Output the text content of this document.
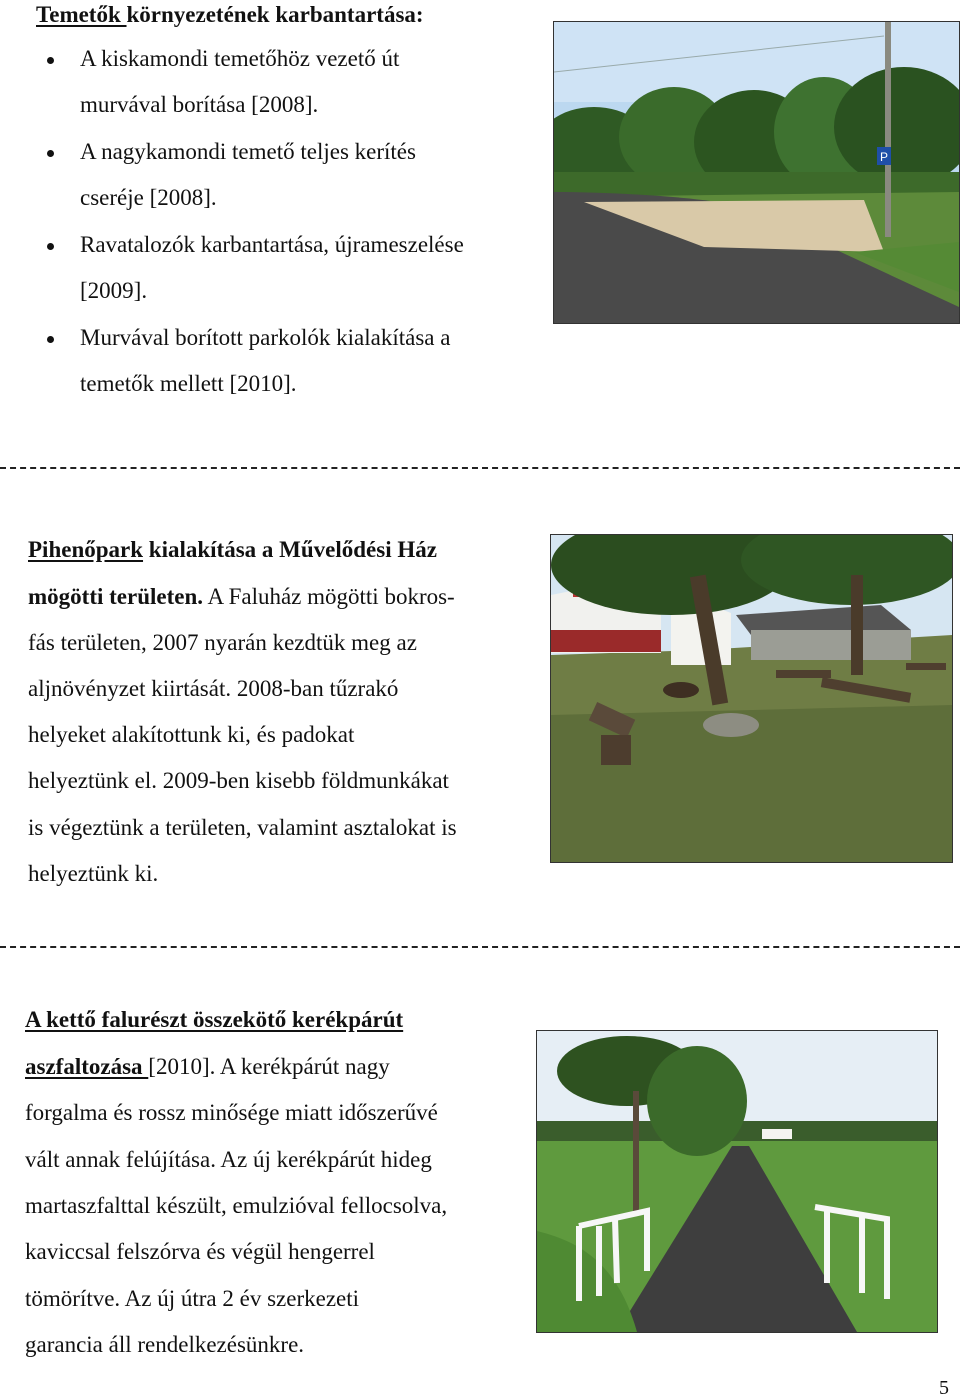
Temetők környezetének karbantartása:
A kiskamondi temetőhöz vezető út
murvával borítása [2008].
A nagykamondi temető teljes kerítés
cseréje [2008].
Ravatalozók karbantartása, újrameszelése
[2009].
Murvával borított parkolók kialakítása a
temetők mellett [2010].
P
Pihenőpark kialakítása a Művelődési Ház
mögötti területen. A Faluház mögötti bokros-
fás területen, 2007 nyarán kezdtük meg az
aljnövényzet kiirtását. 2008-ban tűzrakó
helyeket alakítottunk ki, és padokat
helyeztünk el. 2009-ben kisebb földmunkákat
is végeztünk a területen, valamint asztalokat is
helyeztünk ki.
A kettő falurészt összekötő kerékpárút
aszfaltozása [2010]. A kerékpárút nagy
forgalma és rossz minősége miatt időszerűvé
vált annak felújítása. Az új kerékpárút hideg
martaszfalttal készült, emulzióval fellocsolva,
kaviccsal felszórva és végül hengerrel
tömörítve. Az új útra 2 év szerkezeti
garancia áll rendelkezésünkre.
5
